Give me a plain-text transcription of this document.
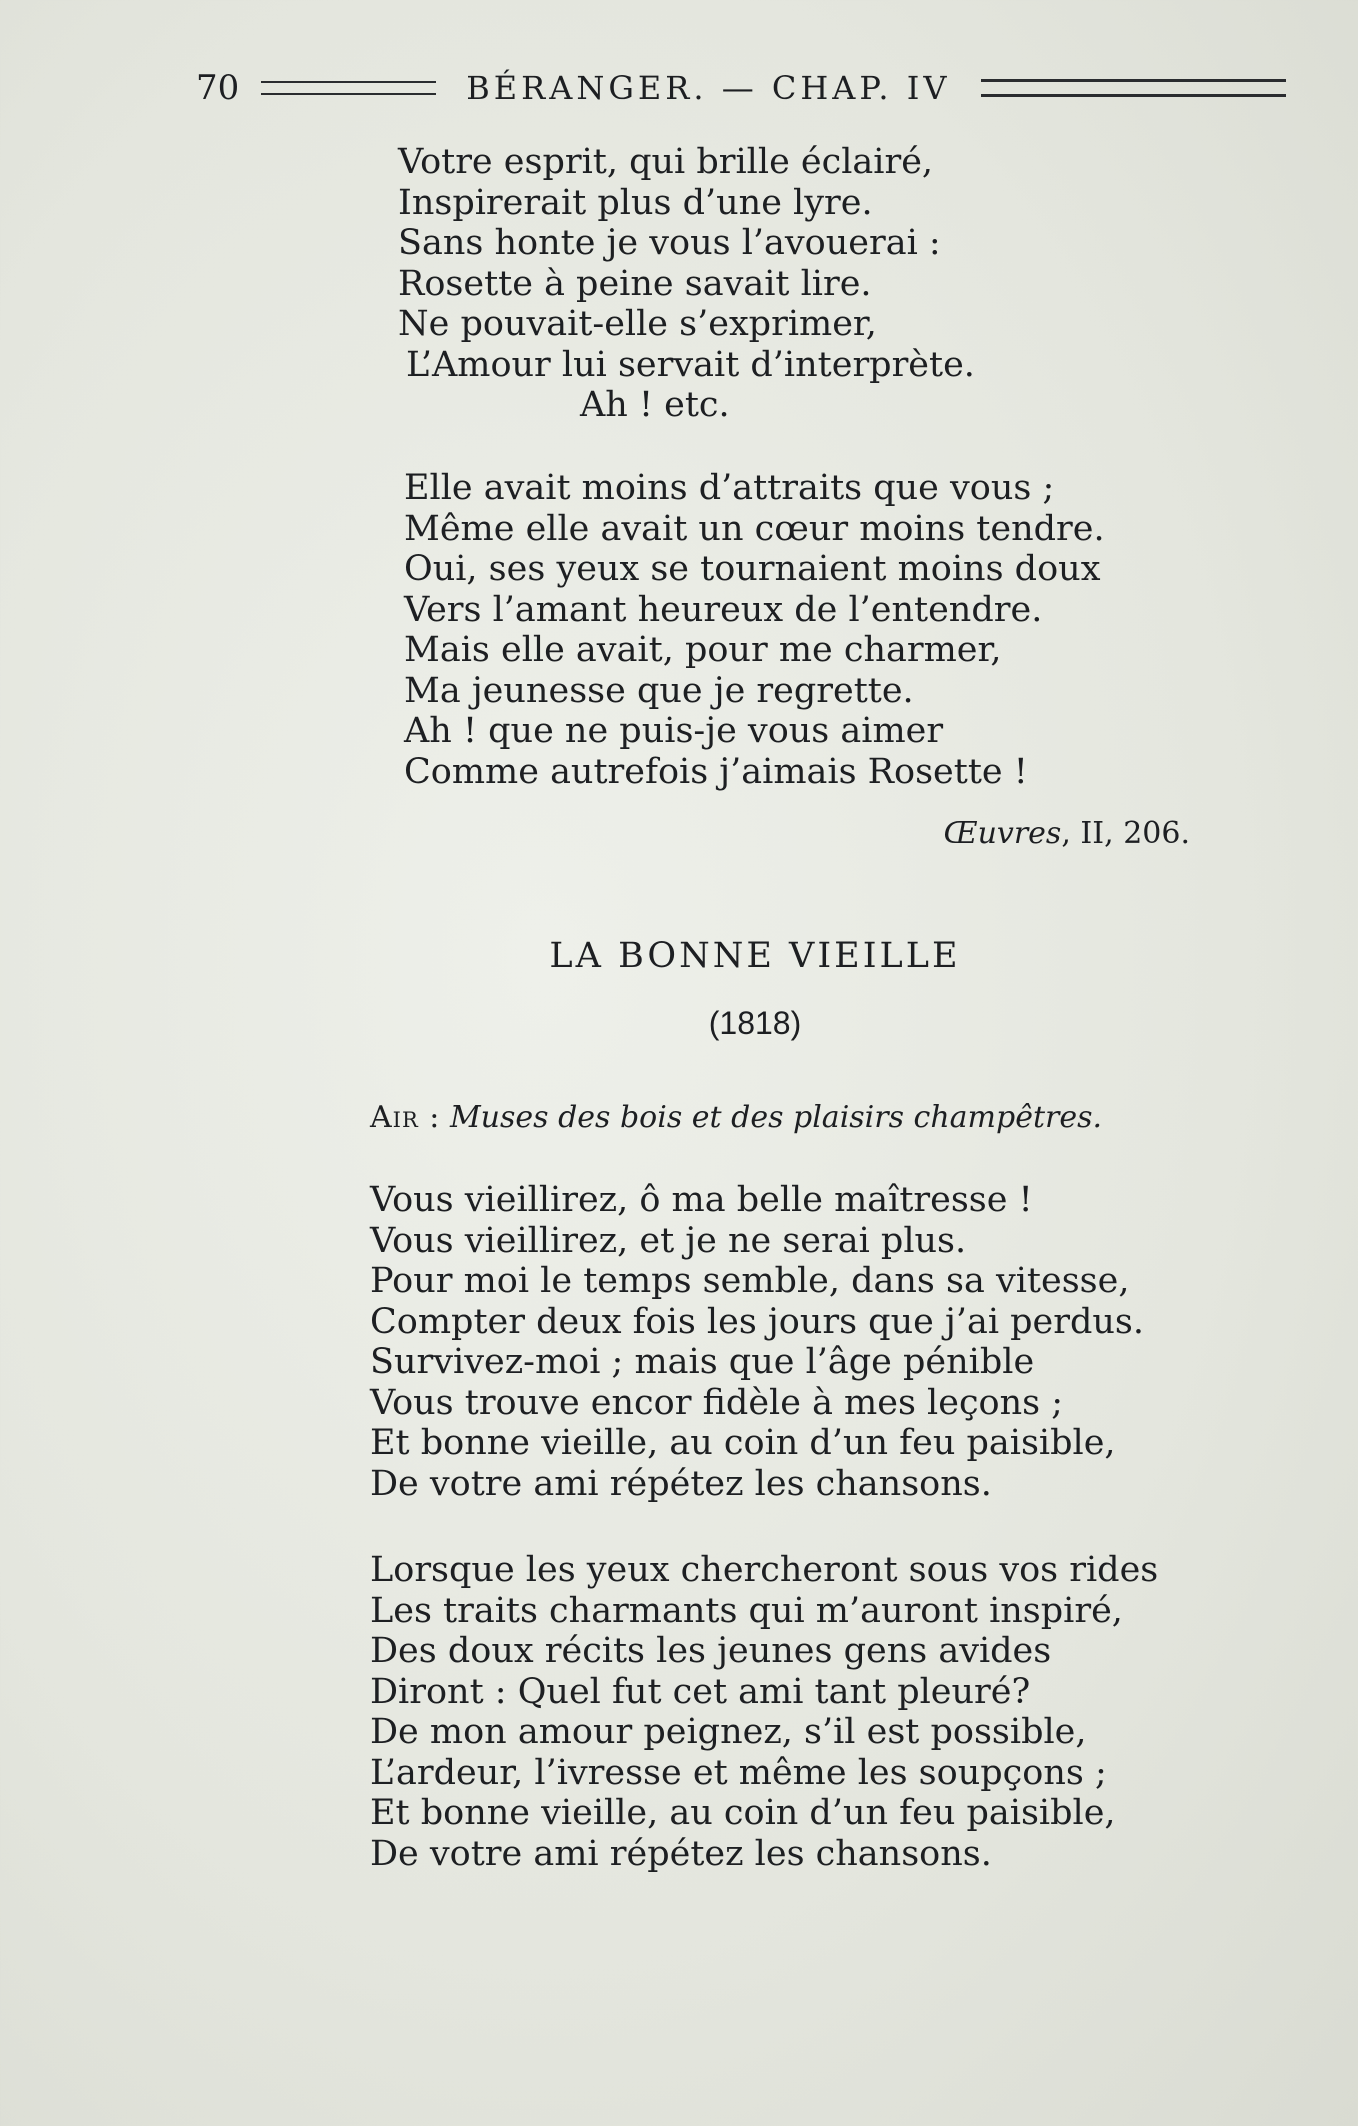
70	BÉRANGER. — CHAP. IV
Votre esprit, qui brille éclairé,
Inspirerait plus d’une lyre.
Sans honte je vous l’avouerai :
Rosette à peine savait lire.
Ne pouvait-elle s’exprimer,
L’Amour lui servait d’interprète.
Ah ! etc.
Elle avait moins d’attraits que vous ;
Même elle avait un cœur moins tendre.
Oui, ses yeux se tournaient moins doux
Vers l’amant heureux de l’entendre.
Mais elle avait, pour me charmer,
Ma jeunesse que je regrette.
Ah ! que ne puis-je vous aimer
Comme autrefois j’aimais Rosette !
Œuvres, II, 206.
LA BONNE VIEILLE
(1818)
Air : Muses des bois et des plaisirs champêtres.
Vous vieillirez, ô ma belle maîtresse !
Vous vieillirez, et je ne serai plus.
Pour moi le temps semble, dans sa vitesse,
Compter deux fois les jours que j’ai perdus.
Survivez-moi ; mais que l’âge pénible
Vous trouve encor fidèle à mes leçons ;
Et bonne vieille, au coin d’un feu paisible,
De votre ami répétez les chansons.
Lorsque les yeux chercheront sous vos rides
Les traits charmants qui m’auront inspiré,
Des doux récits les jeunes gens avides
Diront : Quel fut cet ami tant pleuré?
De mon amour peignez, s’il est possible,
L’ardeur, l’ivresse et même les soupçons ;
Et bonne vieille, au coin d’un feu paisible,
De votre ami répétez les chansons.
